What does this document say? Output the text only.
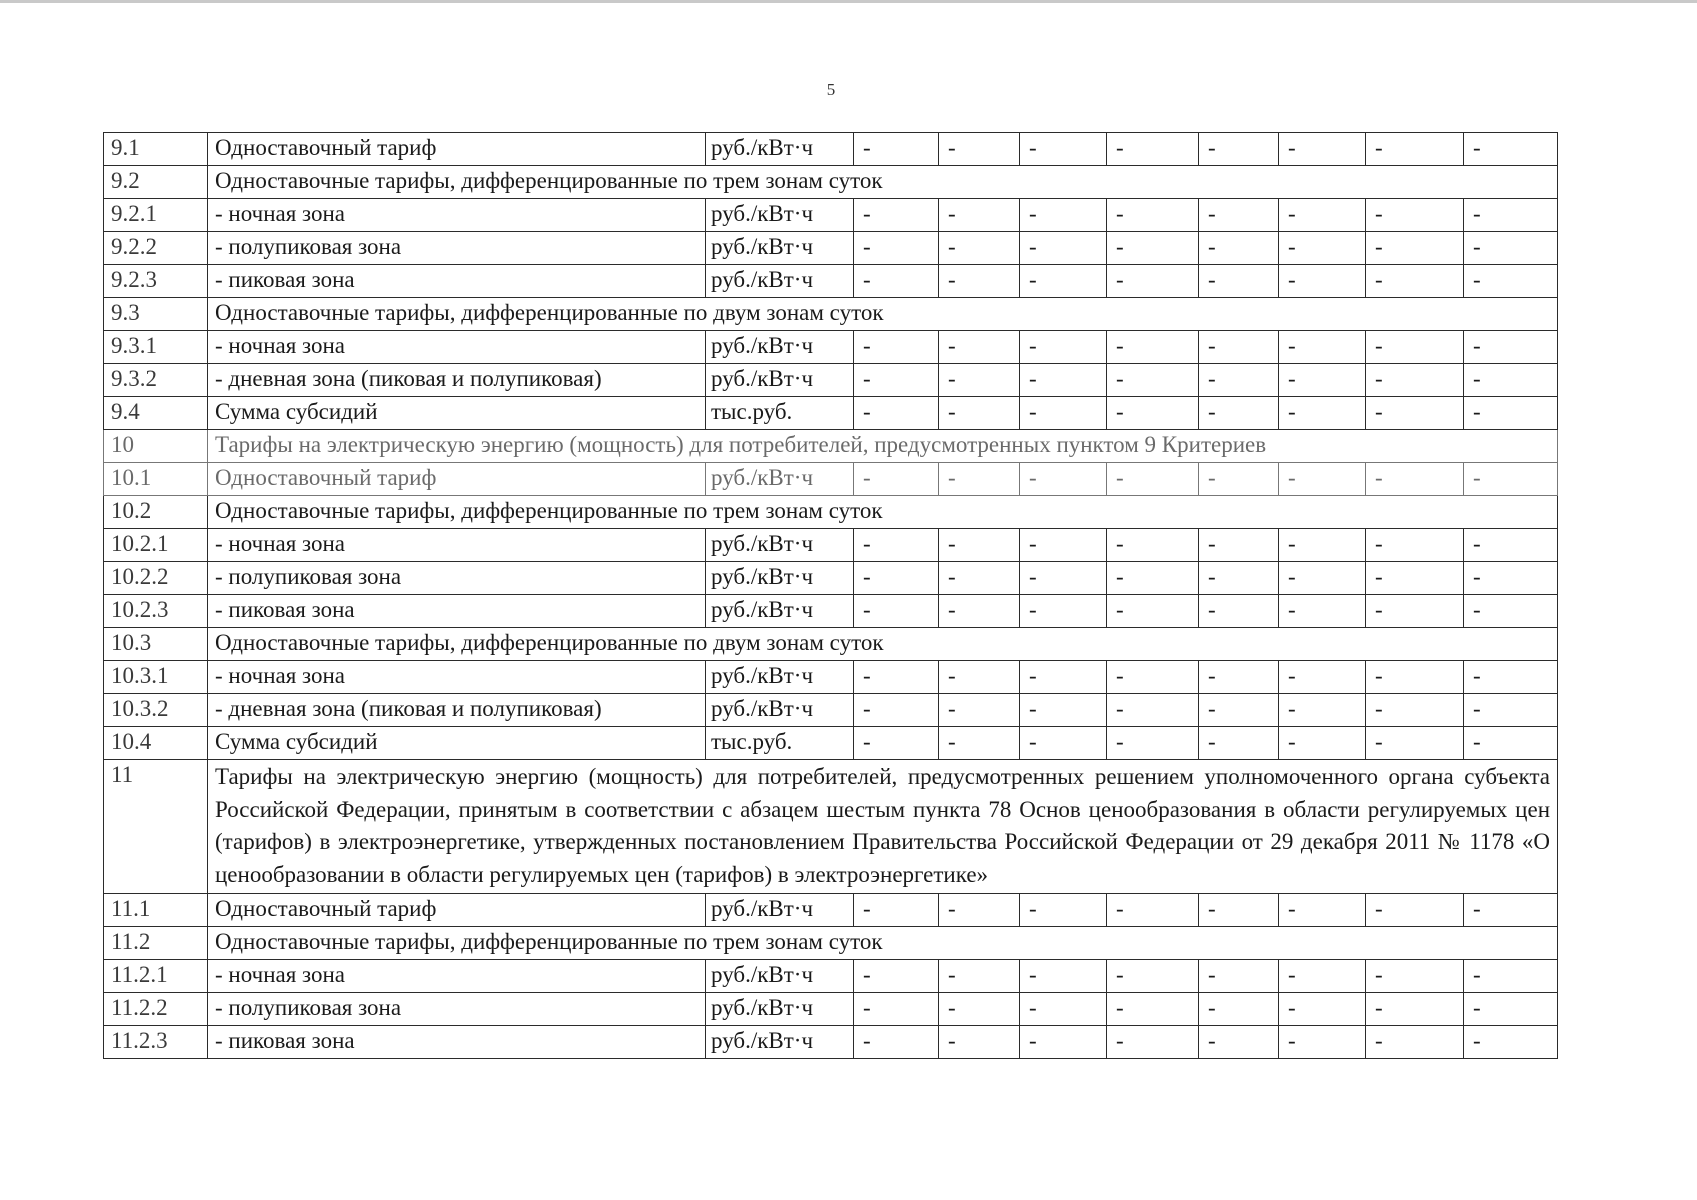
5
9.1	Одноставочный тариф	руб./кВт·ч	-	-	-	-	-	-	-	-
9.2	Одноставочные тарифы, дифференцированные по трем зонам суток									
9.2.1	- ночная зона	руб./кВт·ч	-	-	-	-	-	-	-	-
9.2.2	- полупиковая зона	руб./кВт·ч	-	-	-	-	-	-	-	-
9.2.3	- пиковая зона	руб./кВт·ч	-	-	-	-	-	-	-	-
9.3	Одноставочные тарифы, дифференцированные по двум зонам суток									
9.3.1	- ночная зона	руб./кВт·ч	-	-	-	-	-	-	-	-
9.3.2	- дневная зона (пиковая и полупиковая)	руб./кВт·ч	-	-	-	-	-	-	-	-
9.4	Сумма субсидий	тыс.руб.	-	-	-	-	-	-	-	-
10	Тарифы на электрическую энергию (мощность) для потребителей, предусмотренных пунктом 9 Критериев									
10.1	Одноставочный тариф	руб./кВт·ч	-	-	-	-	-	-	-	-
10.2	Одноставочные тарифы, дифференцированные по трем зонам суток									
10.2.1	- ночная зона	руб./кВт·ч	-	-	-	-	-	-	-	-
10.2.2	- полупиковая зона	руб./кВт·ч	-	-	-	-	-	-	-	-
10.2.3	- пиковая зона	руб./кВт·ч	-	-	-	-	-	-	-	-
10.3	Одноставочные тарифы, дифференцированные по двум зонам суток									
10.3.1	- ночная зона	руб./кВт·ч	-	-	-	-	-	-	-	-
10.3.2	- дневная зона (пиковая и полупиковая)	руб./кВт·ч	-	-	-	-	-	-	-	-
10.4	Сумма субсидий	тыс.руб.	-	-	-	-	-	-	-	-
11	Тарифы на электрическую энергию (мощность) для потребителей, предусмотренных решением уполномоченного органа субъекта Российской Федерации, принятым в соответствии с абзацем шестым пункта 78 Основ ценообразования в области регулируемых цен (тарифов) в электроэнергетике, утвержденных постановлением Правительства Российской Федерации от 29 декабря 2011 № 1178 «О ценообразовании в области регулируемых цен (тарифов) в электроэнергетике»									
11.1	Одноставочный тариф	руб./кВт·ч	-	-	-	-	-	-	-	-
11.2	Одноставочные тарифы, дифференцированные по трем зонам суток									
11.2.1	- ночная зона	руб./кВт·ч	-	-	-	-	-	-	-	-
11.2.2	- полупиковая зона	руб./кВт·ч	-	-	-	-	-	-	-	-
11.2.3	- пиковая зона	руб./кВт·ч	-	-	-	-	-	-	-	-
